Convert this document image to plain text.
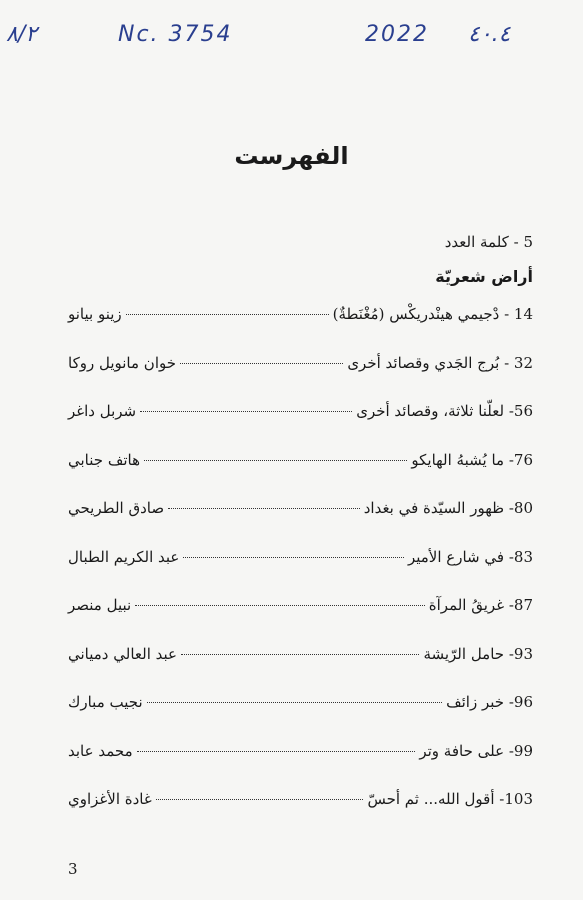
٨/٢	Nc. 3754	2022 ٤٠.٤
الفهرست
5 - كلمة العدد
أراض شعريّة
14 - دْجيمي هينْدريكْس (مُغْنَطةٌ)
زينو بيانو
32 - بُرج الجَدي وقصائد أخرى
خوان مانويل روكا
56- لعلّنا ثلاثة، وقصائد أخرى
شربل داغر
76- ما يُشبهُ الهايكو
هاتف جنابي
80- ظهور السيّدة في بغداد
صادق الطريحي
83- في شارع الأمير
عبد الكريم الطبال
87- غريقُ المرآة
نبيل منصر
93- حامل الرّيشة
عبد العالي دمياني
96- خبر زائف
نجيب مبارك
99- على حافة وتر
محمد عابد
103- أقول الله... ثم أحسّ
غادة الأغزاوي
3
